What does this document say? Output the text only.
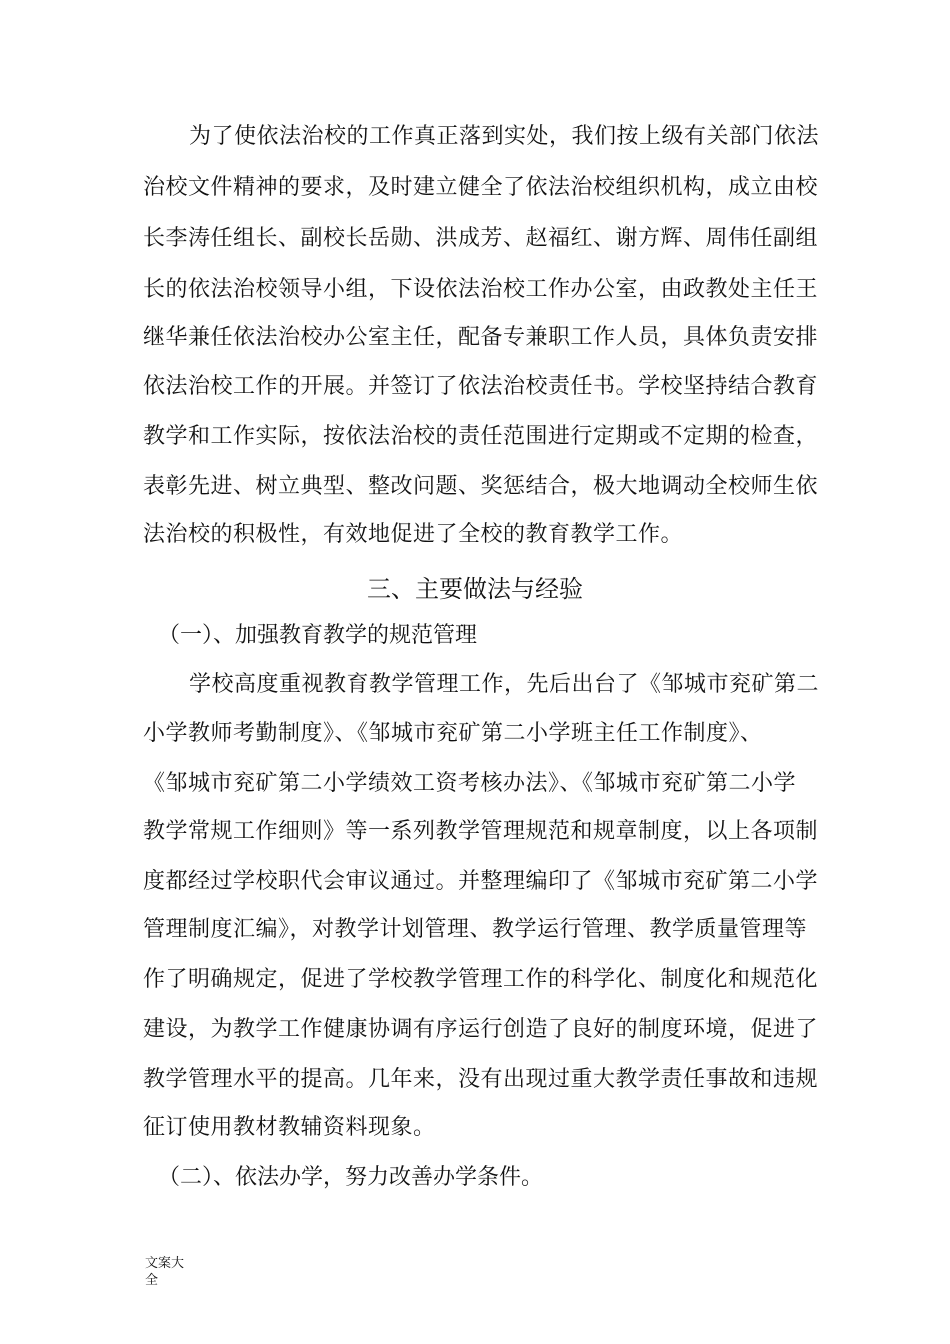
为了使依法治校的工作真正落到实处，我们按上级有关部门依法
治校文件精神的要求，及时建立健全了依法治校组织机构，成立由校
长李涛任组长、副校长岳勋、洪成芳、赵福红、谢方辉、周伟任副组
长的依法治校领导小组，下设依法治校工作办公室，由政教处主任王
继华兼任依法治校办公室主任，配备专兼职工作人员，具体负责安排
依法治校工作的开展。并签订了依法治校责任书。学校坚持结合教育
教学和工作实际，按依法治校的责任范围进行定期或不定期的检查，
表彰先进、树立典型、整改问题、奖惩结合，极大地调动全校师生依
法治校的积极性，有效地促进了全校的教育教学工作。
三、主要做法与经验
（一）、加强教育教学的规范管理
学校高度重视教育教学管理工作，先后出台了《邹城市兖矿第二
小学教师考勤制度》、《邹城市兖矿第二小学班主任工作制度》、
《邹城市兖矿第二小学绩效工资考核办法》、《邹城市兖矿第二小学
教学常规工作细则》等一系列教学管理规范和规章制度，以上各项制
度都经过学校职代会审议通过。并整理编印了《邹城市兖矿第二小学
管理制度汇编》，对教学计划管理、教学运行管理、教学质量管理等
作了明确规定，促进了学校教学管理工作的科学化、制度化和规范化
建设，为教学工作健康协调有序运行创造了良好的制度环境，促进了
教学管理水平的提高。几年来，没有出现过重大教学责任事故和违规
征订使用教材教辅资料现象。
（二）、依法办学，努力改善办学条件。
文案大
全
